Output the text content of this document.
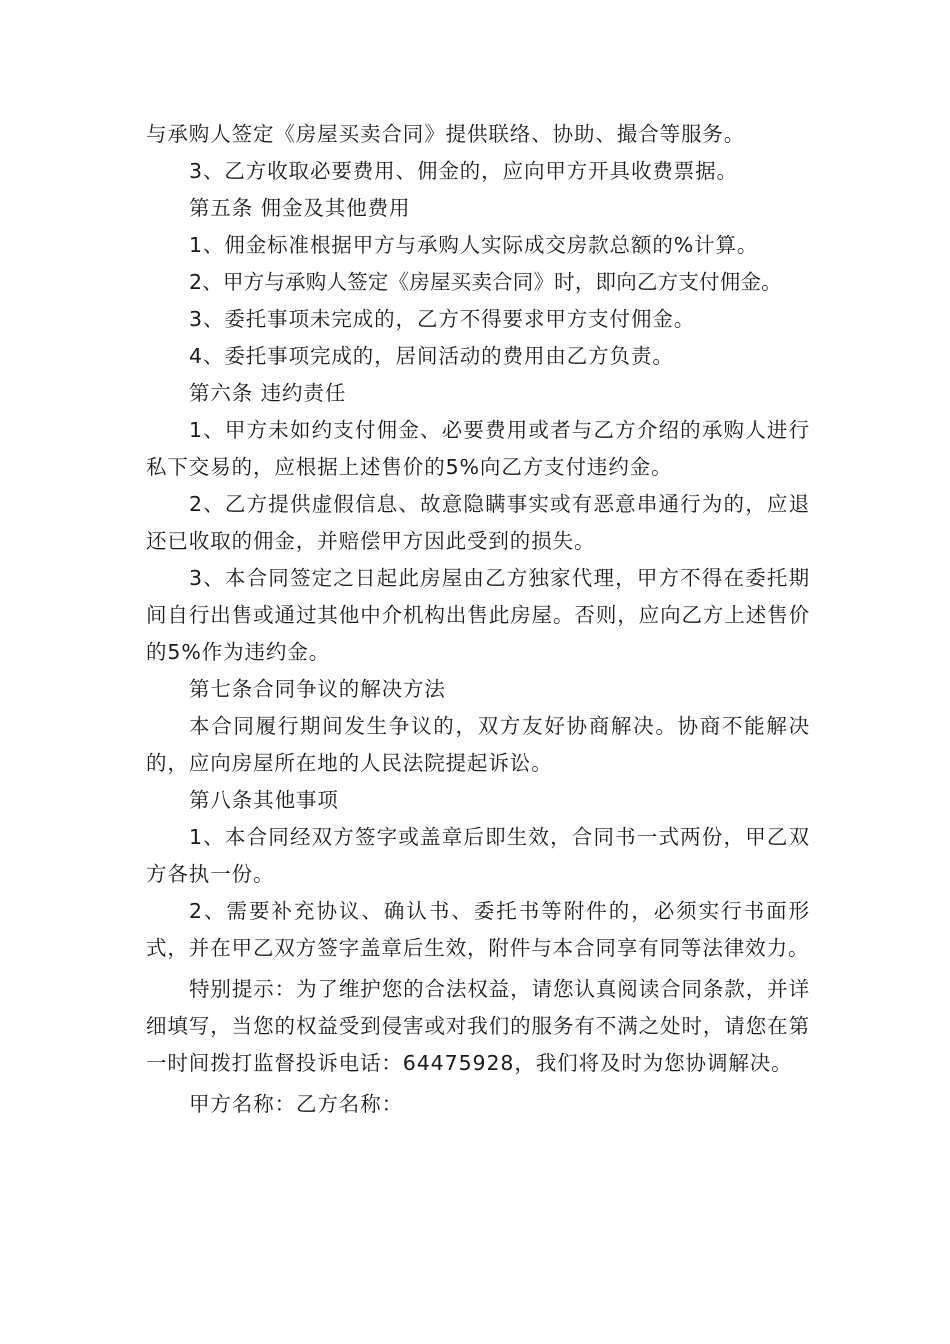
与承购人签定《房屋买卖合同》提供联络、协助、撮合等服务。

3、乙方收取必要费用、佣金的，应向甲方开具收费票据。

第五条 佣金及其他费用

1、佣金标准根据甲方与承购人实际成交房款总额的%计算。

2、甲方与承购人签定《房屋买卖合同》时，即向乙方支付佣金。

3、委托事项未完成的，乙方不得要求甲方支付佣金。

4、委托事项完成的，居间活动的费用由乙方负责。

第六条 违约责任

1、甲方未如约支付佣金、必要费用或者与乙方介绍的承购人进行私下交易的，应根据上述售价的5%向乙方支付违约金。

2、乙方提供虚假信息、故意隐瞒事实或有恶意串通行为的，应退还已收取的佣金，并赔偿甲方因此受到的损失。

3、本合同签定之日起此房屋由乙方独家代理，甲方不得在委托期间自行出售或通过其他中介机构出售此房屋。否则，应向乙方上述售价的5%作为违约金。

第七条合同争议的解决方法

本合同履行期间发生争议的，双方友好协商解决。协商不能解决的，应向房屋所在地的人民法院提起诉讼。

第八条其他事项

1、本合同经双方签字或盖章后即生效，合同书一式两份，甲乙双方各执一份。

2、需要补充协议、确认书、委托书等附件的，必须实行书面形式，并在甲乙双方签字盖章后生效，附件与本合同享有同等法律效力。

特别提示：为了维护您的合法权益，请您认真阅读合同条款，并详细填写，当您的权益受到侵害或对我们的服务有不满之处时，请您在第一时间拨打监督投诉电话：64475928，我们将及时为您协调解决。

甲方名称：乙方名称：
